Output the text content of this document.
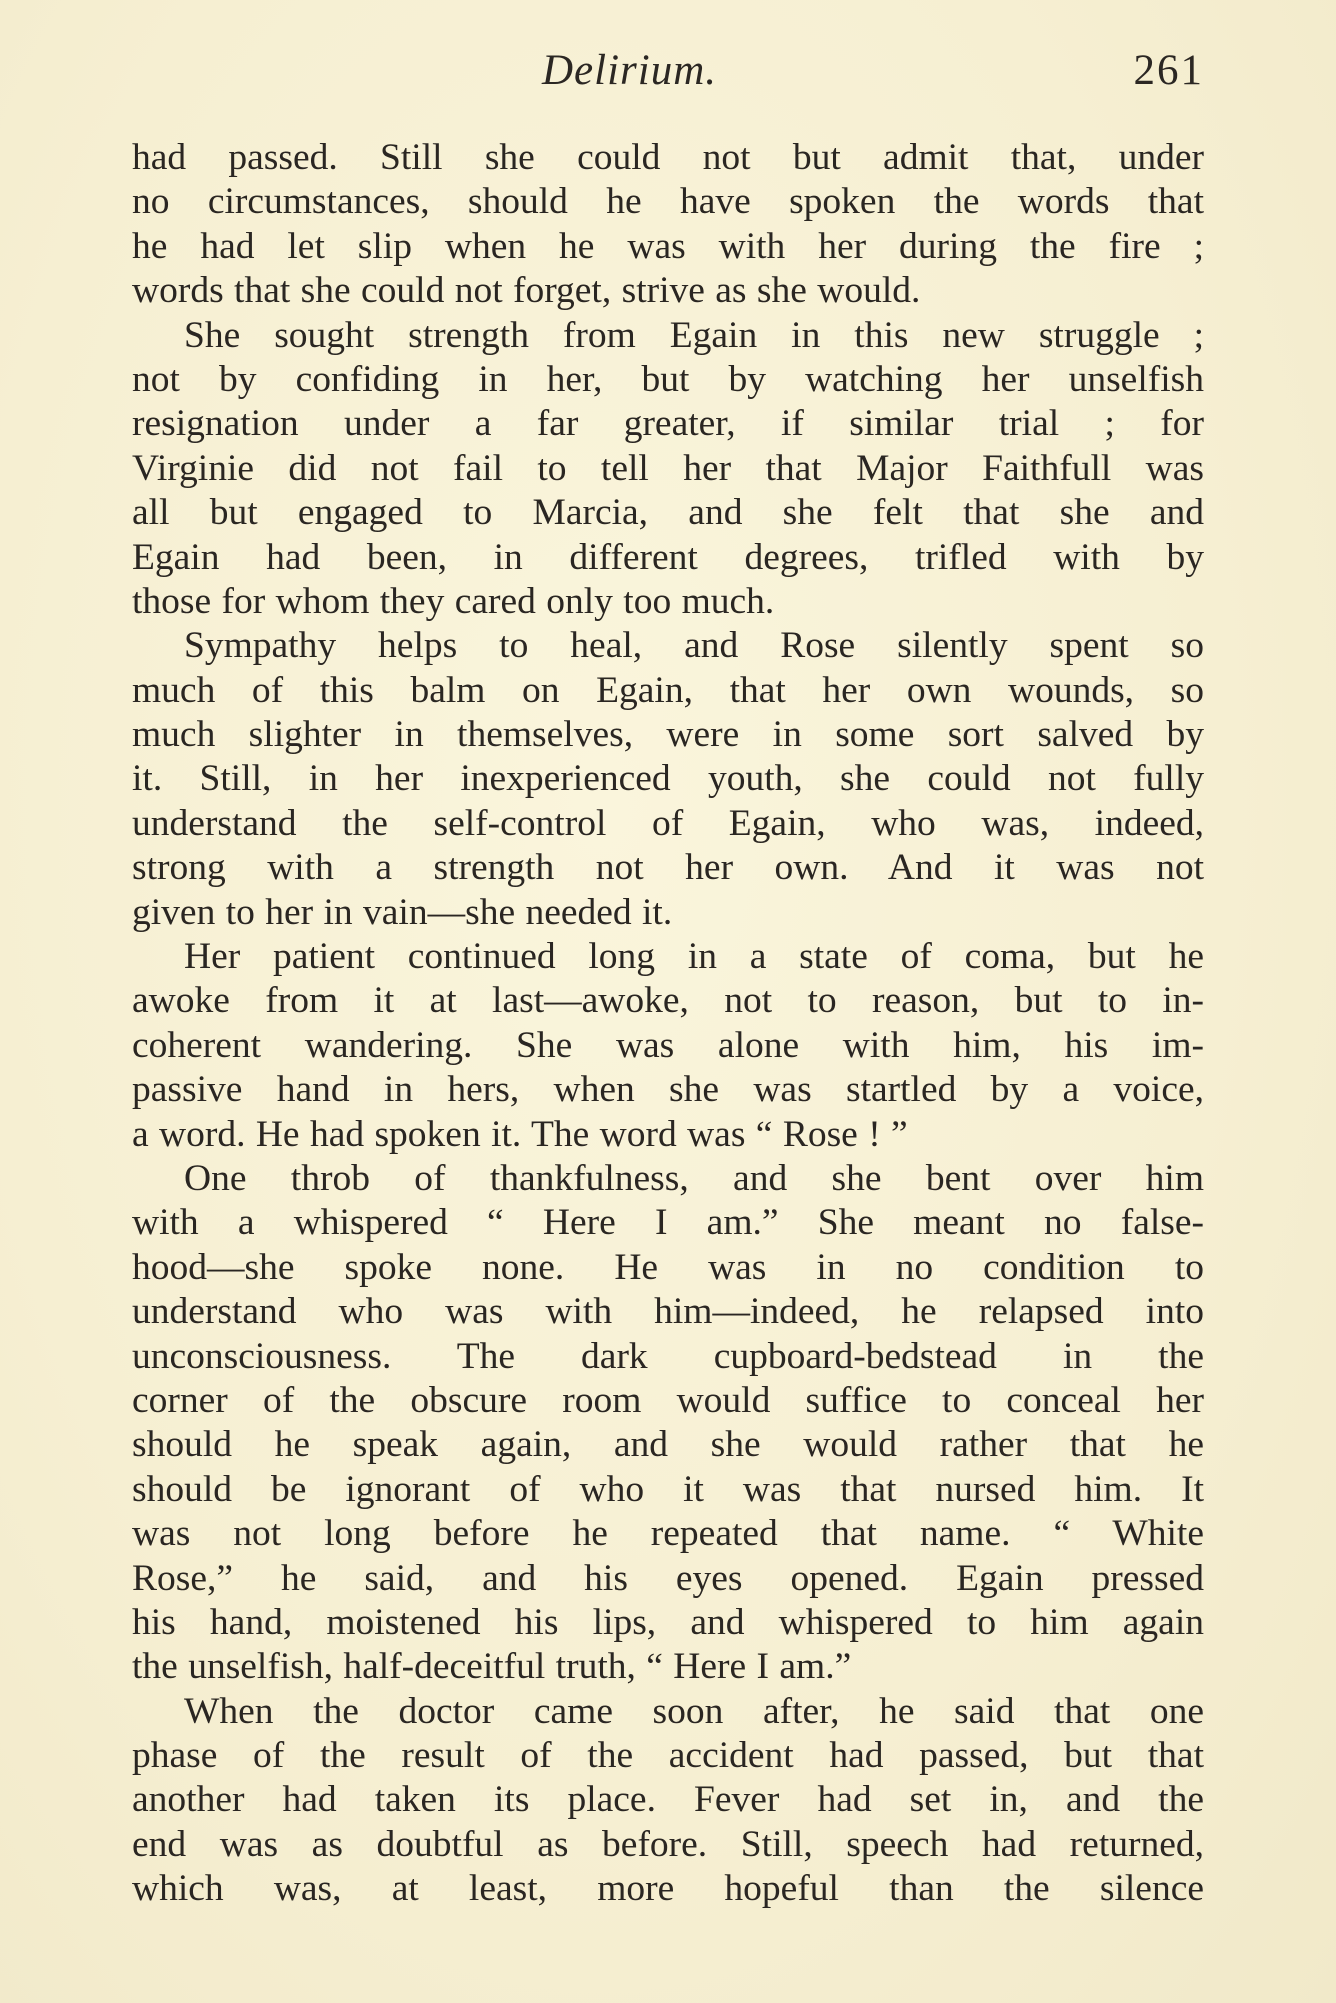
Delirium.	261
had passed. Still she could not but admit that, under
no circumstances, should he have spoken the words that
he had let slip when he was with her during the fire ;
words that she could not forget, strive as she would.
She sought strength from Egain in this new struggle ;
not by confiding in her, but by watching her unselfish
resignation under a far greater, if similar trial ; for
Virginie did not fail to tell her that Major Faithfull was
all but engaged to Marcia, and she felt that she and
Egain had been, in different degrees, trifled with by
those for whom they cared only too much.
Sympathy helps to heal, and Rose silently spent so
much of this balm on Egain, that her own wounds, so
much slighter in themselves, were in some sort salved by
it. Still, in her inexperienced youth, she could not fully
understand the self-control of Egain, who was, indeed,
strong with a strength not her own. And it was not
given to her in vain—she needed it.
Her patient continued long in a state of coma, but he
awoke from it at last—awoke, not to reason, but to in-
coherent wandering. She was alone with him, his im-
passive hand in hers, when she was startled by a voice,
a word. He had spoken it. The word was “ Rose ! ”
One throb of thankfulness, and she bent over him
with a whispered “ Here I am.” She meant no false-
hood—she spoke none. He was in no condition to
understand who was with him—indeed, he relapsed into
unconsciousness. The dark cupboard-bedstead in the
corner of the obscure room would suffice to conceal her
should he speak again, and she would rather that he
should be ignorant of who it was that nursed him. It
was not long before he repeated that name. “ White
Rose,” he said, and his eyes opened. Egain pressed
his hand, moistened his lips, and whispered to him again
the unselfish, half-deceitful truth, “ Here I am.”
When the doctor came soon after, he said that one
phase of the result of the accident had passed, but that
another had taken its place. Fever had set in, and the
end was as doubtful as before. Still, speech had returned,
which was, at least, more hopeful than the silence
